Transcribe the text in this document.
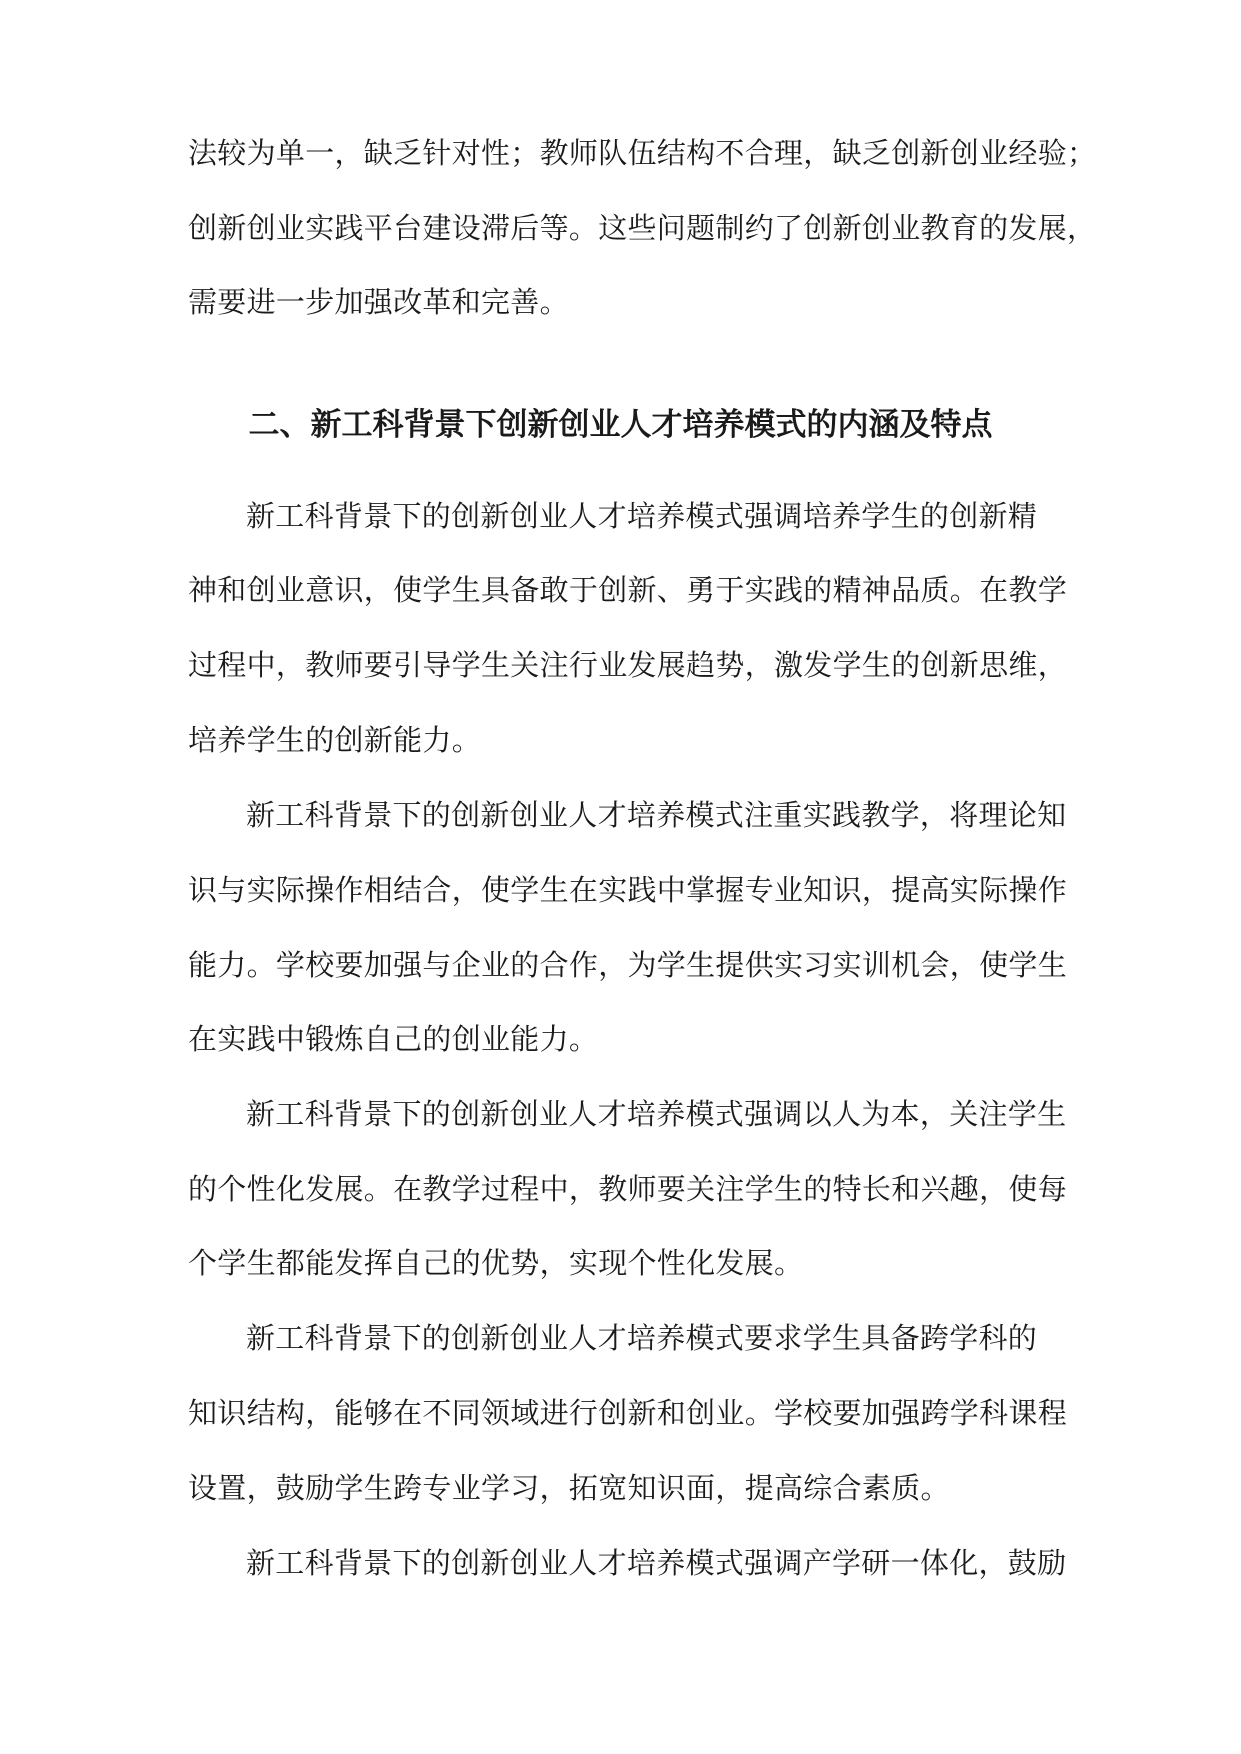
法较为单一，缺乏针对性；教师队伍结构不合理，缺乏创新创业经验；
创新创业实践平台建设滞后等。这些问题制约了创新创业教育的发展，
需要进一步加强改革和完善。
二、新工科背景下创新创业人才培养模式的内涵及特点
新工科背景下的创新创业人才培养模式强调培养学生的创新精
神和创业意识，使学生具备敢于创新、勇于实践的精神品质。在教学
过程中，教师要引导学生关注行业发展趋势，激发学生的创新思维，
培养学生的创新能力。
新工科背景下的创新创业人才培养模式注重实践教学，将理论知
识与实际操作相结合，使学生在实践中掌握专业知识，提高实际操作
能力。学校要加强与企业的合作，为学生提供实习实训机会，使学生
在实践中锻炼自己的创业能力。
新工科背景下的创新创业人才培养模式强调以人为本，关注学生
的个性化发展。在教学过程中，教师要关注学生的特长和兴趣，使每
个学生都能发挥自己的优势，实现个性化发展。
新工科背景下的创新创业人才培养模式要求学生具备跨学科的
知识结构，能够在不同领域进行创新和创业。学校要加强跨学科课程
设置，鼓励学生跨专业学习，拓宽知识面，提高综合素质。
新工科背景下的创新创业人才培养模式强调产学研一体化，鼓励
